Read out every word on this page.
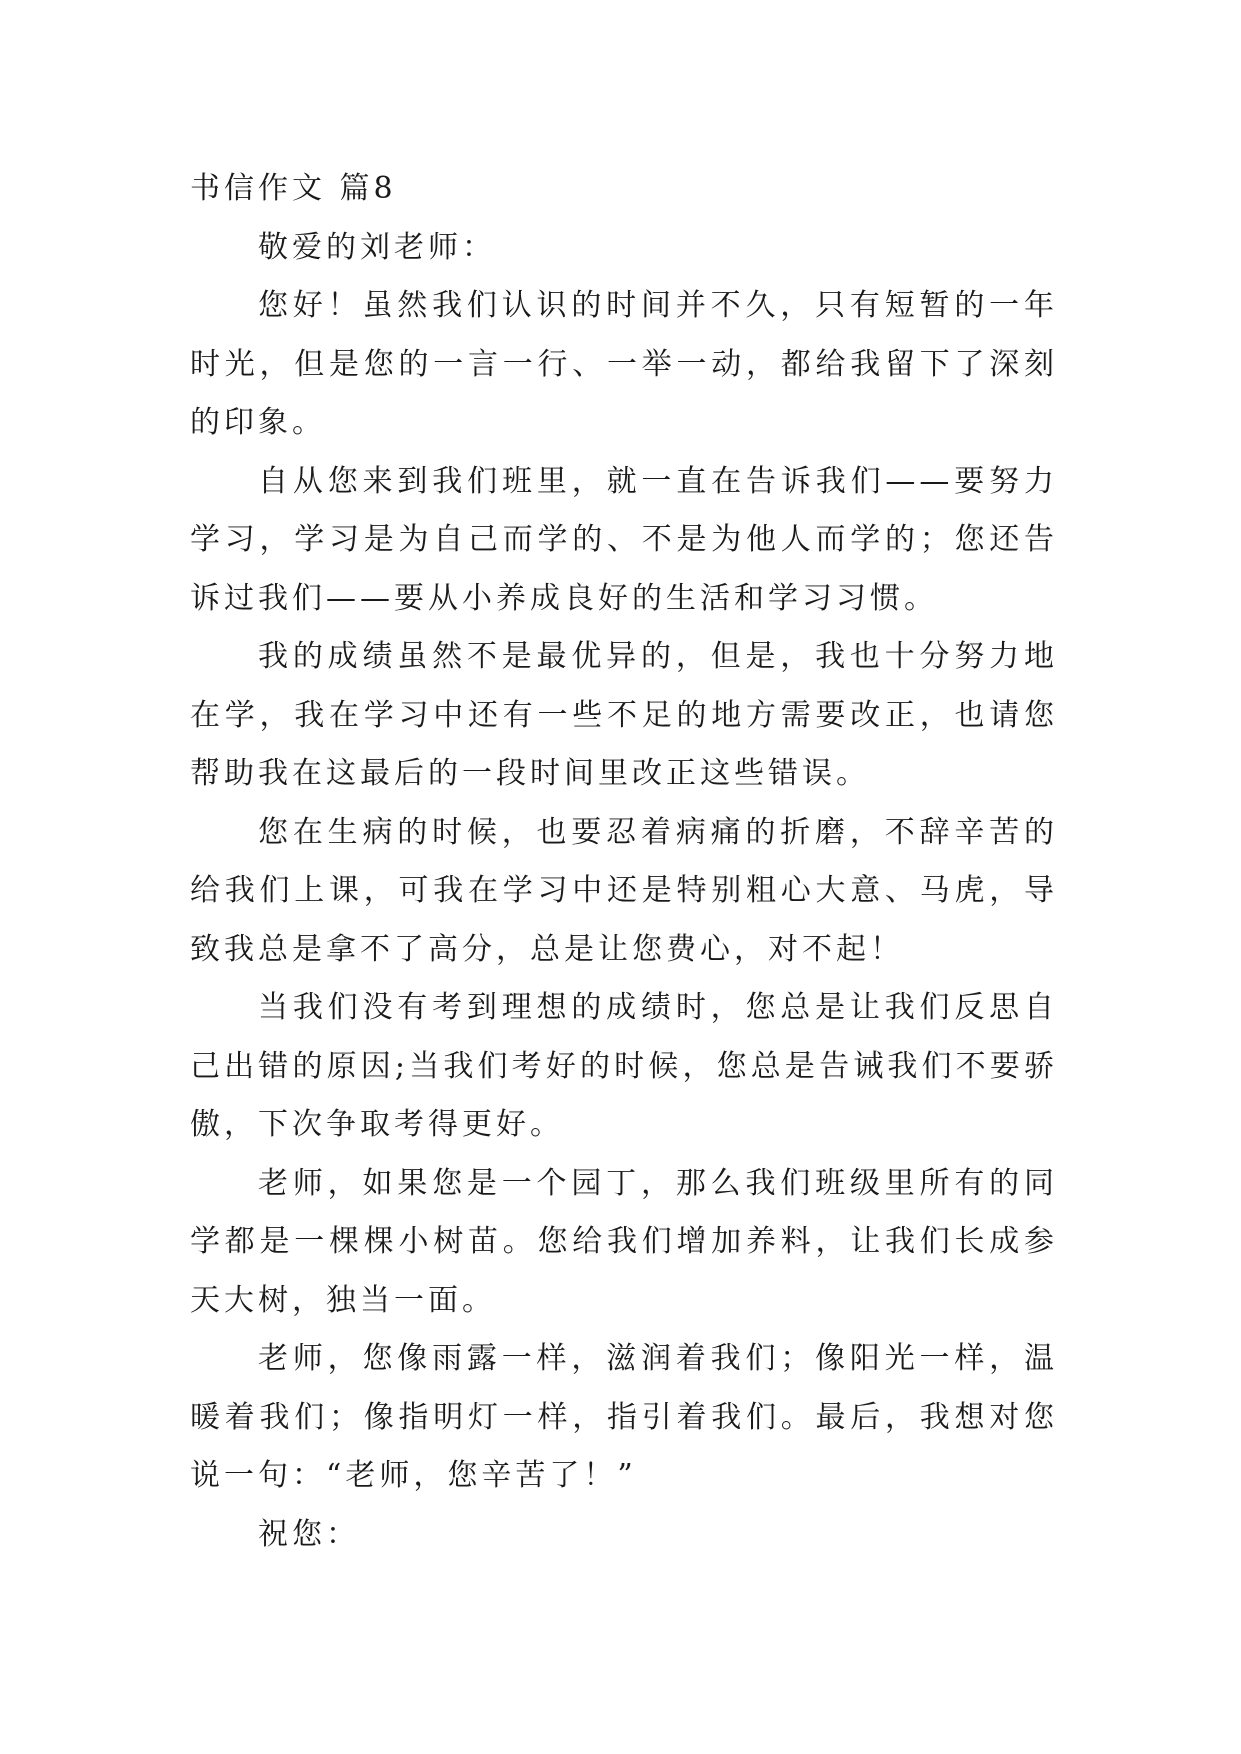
书信作文 篇8

敬爱的刘老师：

您好！虽然我们认识的时间并不久，只有短暂的一年时光，但是您的一言一行、一举一动，都给我留下了深刻的印象。

自从您来到我们班里，就一直在告诉我们——要努力学习，学习是为自己而学的、不是为他人而学的；您还告诉过我们——要从小养成良好的生活和学习习惯。

我的成绩虽然不是最优异的，但是，我也十分努力地在学，我在学习中还有一些不足的地方需要改正，也请您帮助我在这最后的一段时间里改正这些错误。

您在生病的时候，也要忍着病痛的折磨，不辞辛苦的给我们上课，可我在学习中还是特别粗心大意、马虎，导致我总是拿不了高分，总是让您费心，对不起！

当我们没有考到理想的成绩时，您总是让我们反思自己出错的原因;当我们考好的时候，您总是告诫我们不要骄傲，下次争取考得更好。

老师，如果您是一个园丁，那么我们班级里所有的同学都是一棵棵小树苗。您给我们增加养料，让我们长成参天大树，独当一面。

老师，您像雨露一样，滋润着我们；像阳光一样，温暖着我们；像指明灯一样，指引着我们。最后，我想对您说一句：“老师，您辛苦了！”

祝您：
